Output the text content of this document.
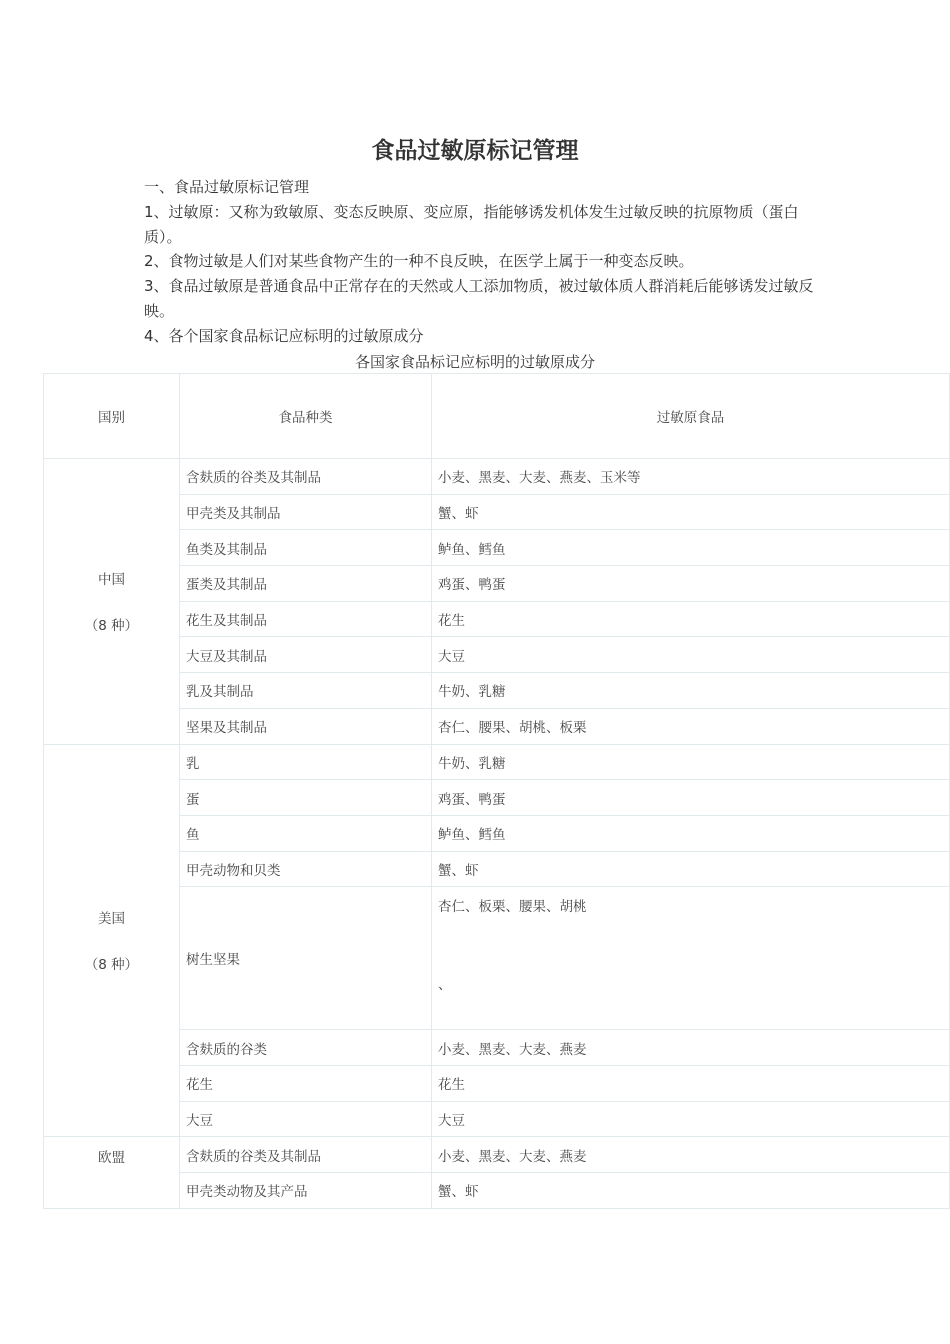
食品过敏原标记管理

一、食品过敏原标记管理

1、过敏原：又称为致敏原、变态反映原、变应原，指能够诱发机体发生过敏反映的抗原物质（蛋白质）。

2、食物过敏是人们对某些食物产生的一种不良反映，在医学上属于一种变态反映。

3、食品过敏原是普通食品中正常存在的天然或人工添加物质，被过敏体质人群消耗后能够诱发过敏反映。

4、各个国家食品标记应标明的过敏原成分

各国家食品标记应标明的过敏原成分
国别	食品种类	过敏原食品

中国
（8 种）	含麸质的谷类及其制品	小麦、黑麦、大麦、燕麦、玉米等
	甲壳类及其制品	蟹、虾
	鱼类及其制品	鲈鱼、鳕鱼
	蛋类及其制品	鸡蛋、鸭蛋
	花生及其制品	花生
	大豆及其制品	大豆
	乳及其制品	牛奶、乳糖
	坚果及其制品	杏仁、腰果、胡桃、板栗

美国
（8 种）	乳	牛奶、乳糖
	蛋	鸡蛋、鸭蛋
	鱼	鲈鱼、鳕鱼
	甲壳动物和贝类	蟹、虾
	树生坚果	杏仁、板栗、腰果、胡桃
、

	含麸质的谷类	小麦、黑麦、大麦、燕麦
	花生	花生
	大豆	大豆

欧盟	含麸质的谷类及其制品	小麦、黑麦、大麦、燕麦
	甲壳类动物及其产品	蟹、虾
